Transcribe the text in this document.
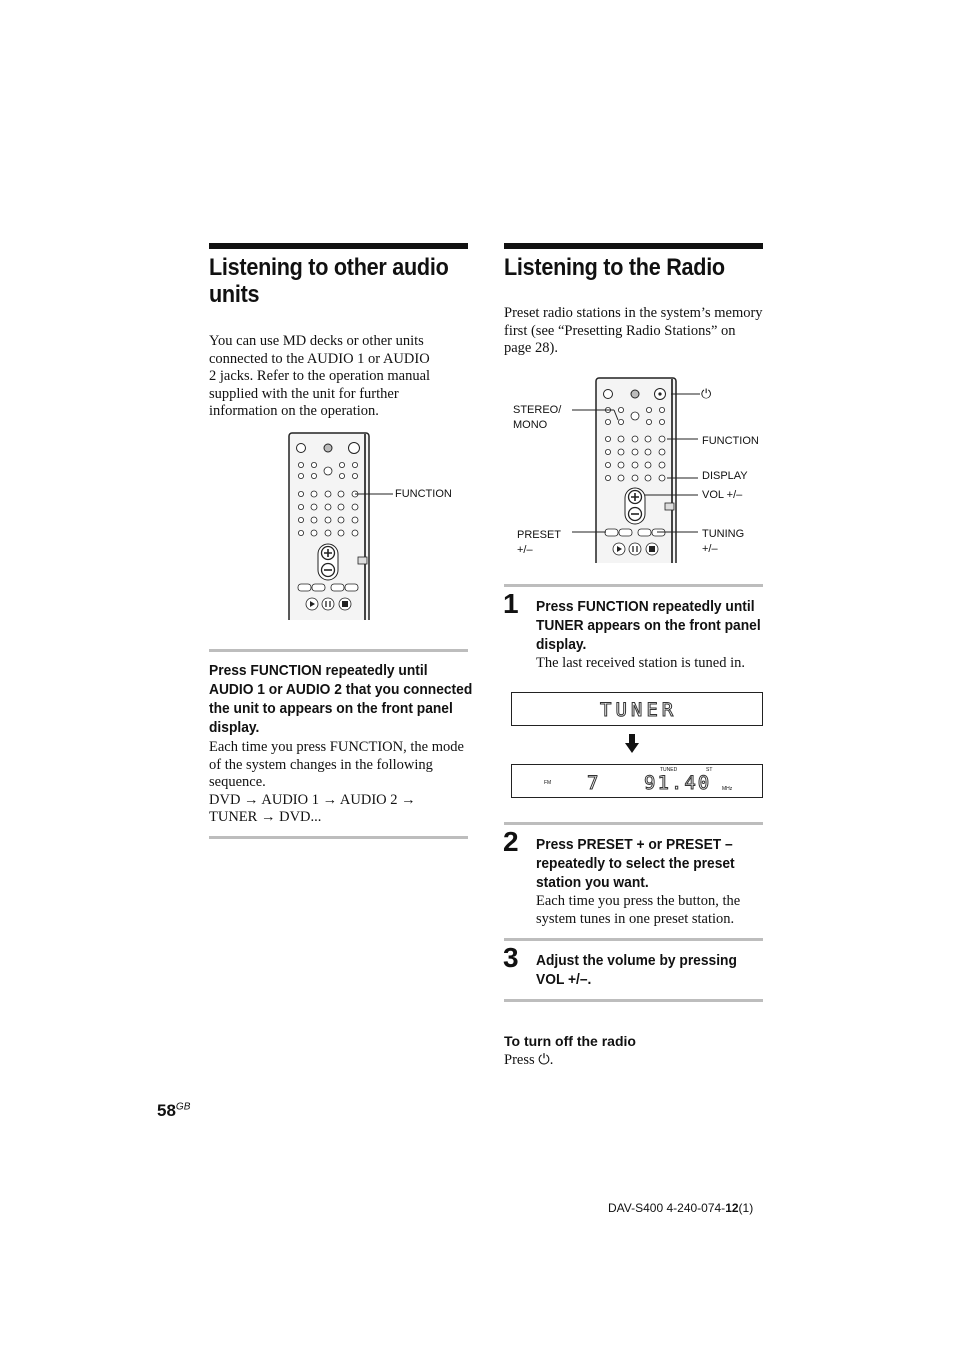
Listening to other audio
units
You can use MD decks or other units
connected to the AUDIO 1 or AUDIO
2 jacks. Refer to the operation manual
supplied with the unit for further
information on the operation.
FUNCTION
Press FUNCTION repeatedly until
AUDIO 1 or AUDIO 2 that you connected
the unit to appears on the front panel
display.
Each time you press FUNCTION, the mode
of the system changes in the following
sequence.
DVD → AUDIO 1 → AUDIO 2 →
TUNER → DVD...
Listening to the Radio
Preset radio stations in the system’s memory
first (see “Presetting Radio Stations” on
page 28).
⏻
STEREO/
MONO
FUNCTION
DISPLAY
VOL +/–
PRESET
+/–
TUNING
+/–
1 Press FUNCTION repeatedly until
TUNER appears on the front panel
display.
The last received station is tuned in.
TUNER
TUNED	ST
FM 7 91.40 MHz
2 Press PRESET + or PRESET –
repeatedly to select the preset
station you want.
Each time you press the button, the
system tunes in one preset station.
3 Adjust the volume by pressing
VOL +/–.
To turn off the radio
Press ⏻.
$58^{GB}$
DAV-S400 4-240-074-12(1)
